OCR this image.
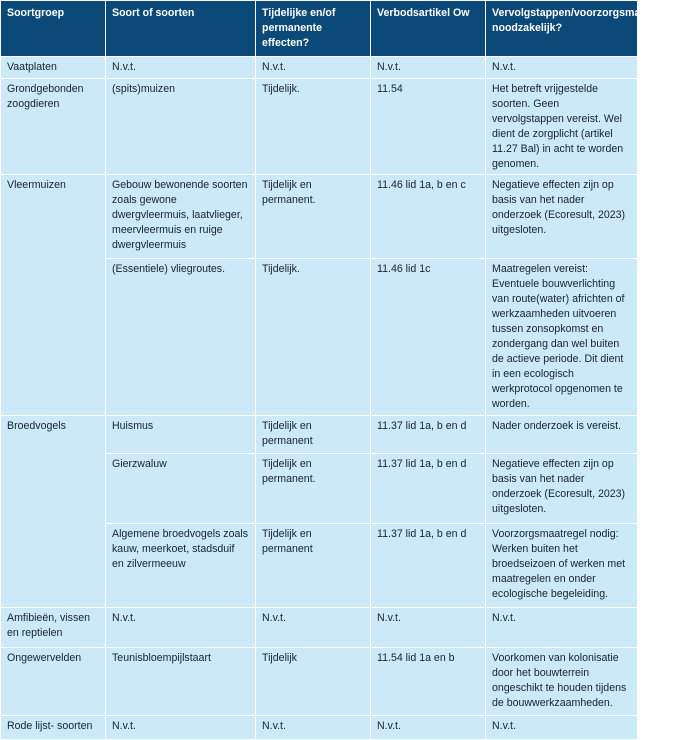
Soortgroep	Soort of soorten	Tijdelijke en/of permanente effecten?	Verbodsartikel Ow	Vervolgstappen/voorzorgsmaatregelen noodzakelijk?
Vaatplaten	N.v.t.	N.v.t.	N.v.t.	N.v.t.
Grondgebonden zoogdieren	(spits)muizen	Tijdelijk.	11.54	Het betreft vrijgestelde soorten. Geen vervolgstappen vereist. Wel dient de zorgplicht (artikel 11.27 Bal) in acht te worden genomen.
Vleermuizen	Gebouw bewonende soorten zoals gewone dwergvleermuis, laatvlieger, meervleermuis en ruige dwergvleermuis	Tijdelijk en permanent.	11.46 lid 1a, b en c	Negatieve effecten zijn op basis van het nader onderzoek (Ecoresult, 2023) uitgesloten.
	(Essentiele) vliegroutes.	Tijdelijk.	11.46 lid 1c	Maatregelen vereist: Eventuele bouwverlichting van route(water) africhten of werkzaamheden uitvoeren tussen zonsopkomst en zondergang dan wel buiten de actieve periode. Dit dient in een ecologisch werkprotocol opgenomen te worden.
Broedvogels	Huismus	Tijdelijk en permanent	11.37 lid 1a, b en d	Nader onderzoek is vereist.
	Gierzwaluw	Tijdelijk en permanent.	11.37 lid 1a, b en d	Negatieve effecten zijn op basis van het nader onderzoek (Ecoresult, 2023) uitgesloten.
	Algemene broedvogels zoals kauw, meerkoet, stadsduif en zilvermeeuw	Tijdelijk en permanent	11.37 lid 1a, b en d	Voorzorgsmaatregel nodig: Werken buiten het broedseizoen of werken met maatregelen en onder ecologische begeleiding.
Amfibieën, vissen en reptielen	N.v.t.	N.v.t.	N.v.t.	N.v.t.
Ongewervelden	Teunisbloempijlstaart	Tijdelijk	11.54 lid 1a en b	Voorkomen van kolonisatie door het bouwterrein ongeschikt te houden tijdens de bouwwerkzaamheden.
Rode lijst- soorten	N.v.t.	N.v.t.	N.v.t.	N.v.t.
